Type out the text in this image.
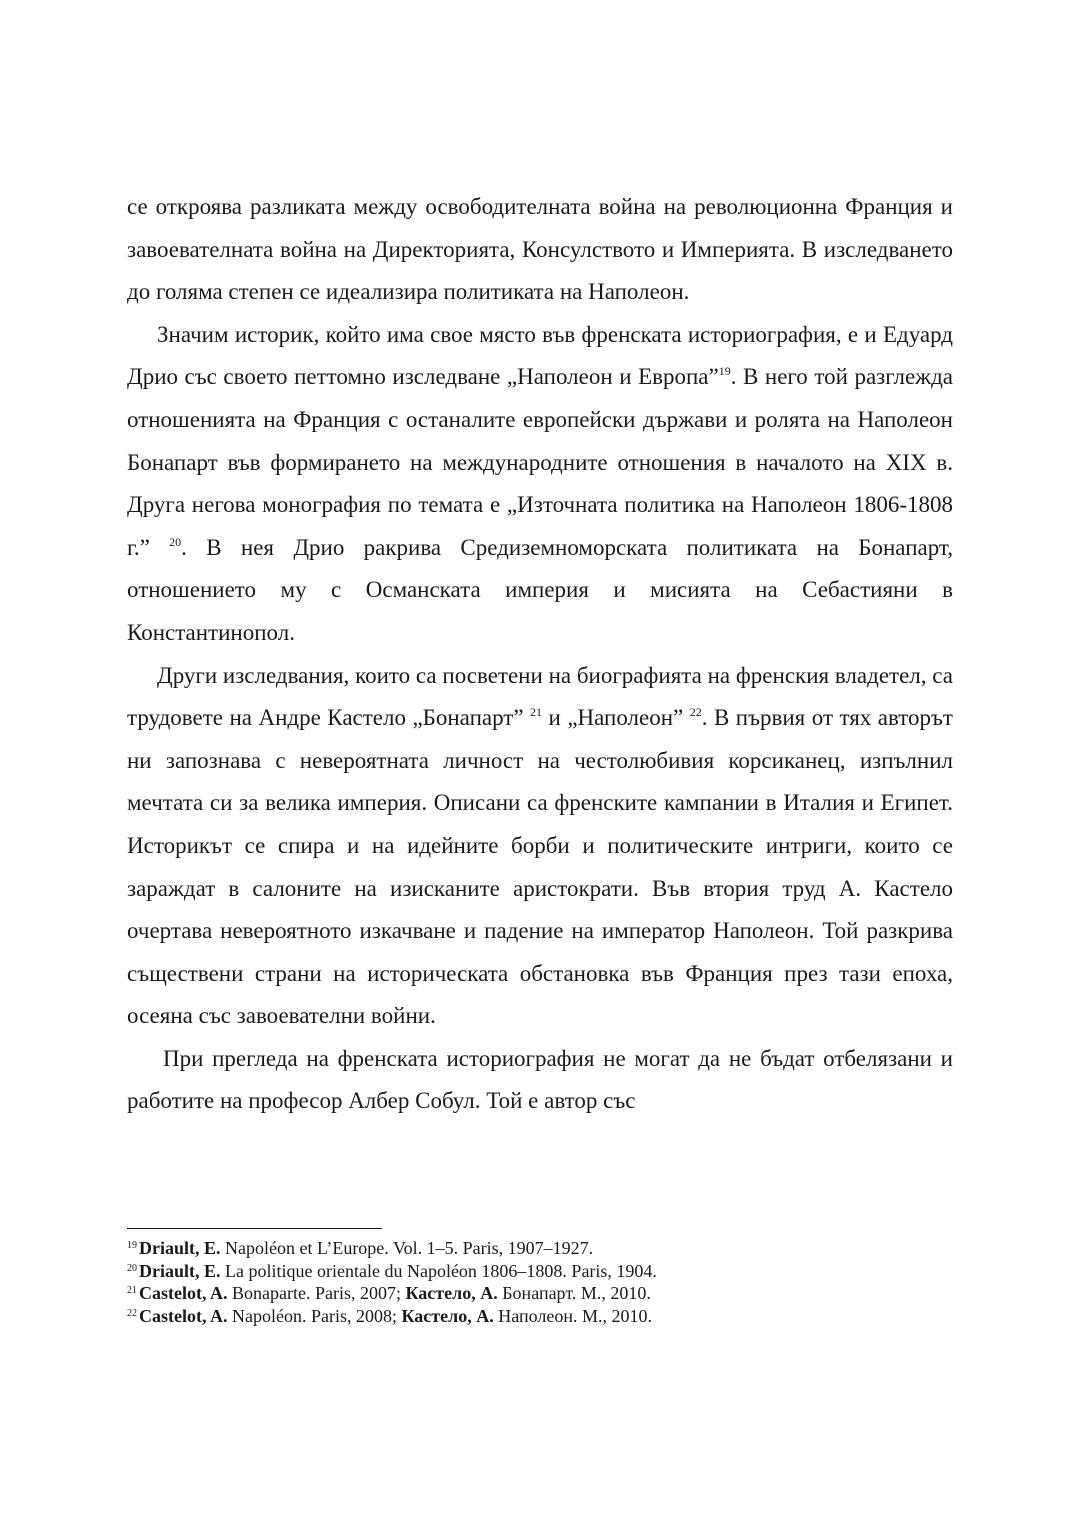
се откроява разликата между освободителната война на революционна Франция и завоевателната война на Директорията, Консулството и Империята. В изследването до голяма степен се идеализира политиката на Наполеон.

Значим историк, който има свое място във френската историография, е и Едуард Дрио със своето петтомно изследване „Наполеон и Европа”$^{19}$. В него той разглежда отношенията на Франция с останалите европейски държави и ролята на Наполеон Бонапарт във формирането на международните отношения в началото на XIX в. Друга негова монография по темата е „Източната политика на Наполеон 1806-1808 г.” $^{20}$. В нея Дрио ракрива Средиземноморската политиката на Бонапарт, отношението му с Османската империя и мисията на Себастияни в Константинопол.

Други изследвания, които са посветени на биографията на френския владетел, са трудовете на Андре Кастело „Бонапарт” $^{21}$ и „Наполеон” $^{22}$. В първия от тях авторът ни запознава с невероятната личност на честолюбивия корсиканец, изпълнил мечтата си за велика империя. Описани са френските кампании в Италия и Египет. Историкът се спира и на идейните борби и политическите интриги, които се зараждат в салоните на изисканите аристократи. Във втория труд А. Кастело очертава невероятното изкачване и падение на император Наполеон. Той разкрива съществени страни на историческата обстановка във Франция през тази епоха, осеяна със завоевателни войни.

При прегледа на френската историография не могат да не бъдат отбелязани и работите на професор Албер Собул. Той е автор със

$^{19}$ Driault, E. Napoléon et L’Europe. Vol. 1–5. Paris, 1907–1927.

$^{20}$ Driault, E. La politique orientale du Napoléon 1806–1808. Paris, 1904.

$^{21}$ Castelot, A. Bonaparte. Paris, 2007; Кастело, А. Бонапарт. М., 2010.

$^{22}$ Castelot, A. Napoléon. Paris, 2008; Кастело, А. Наполеон. М., 2010.
